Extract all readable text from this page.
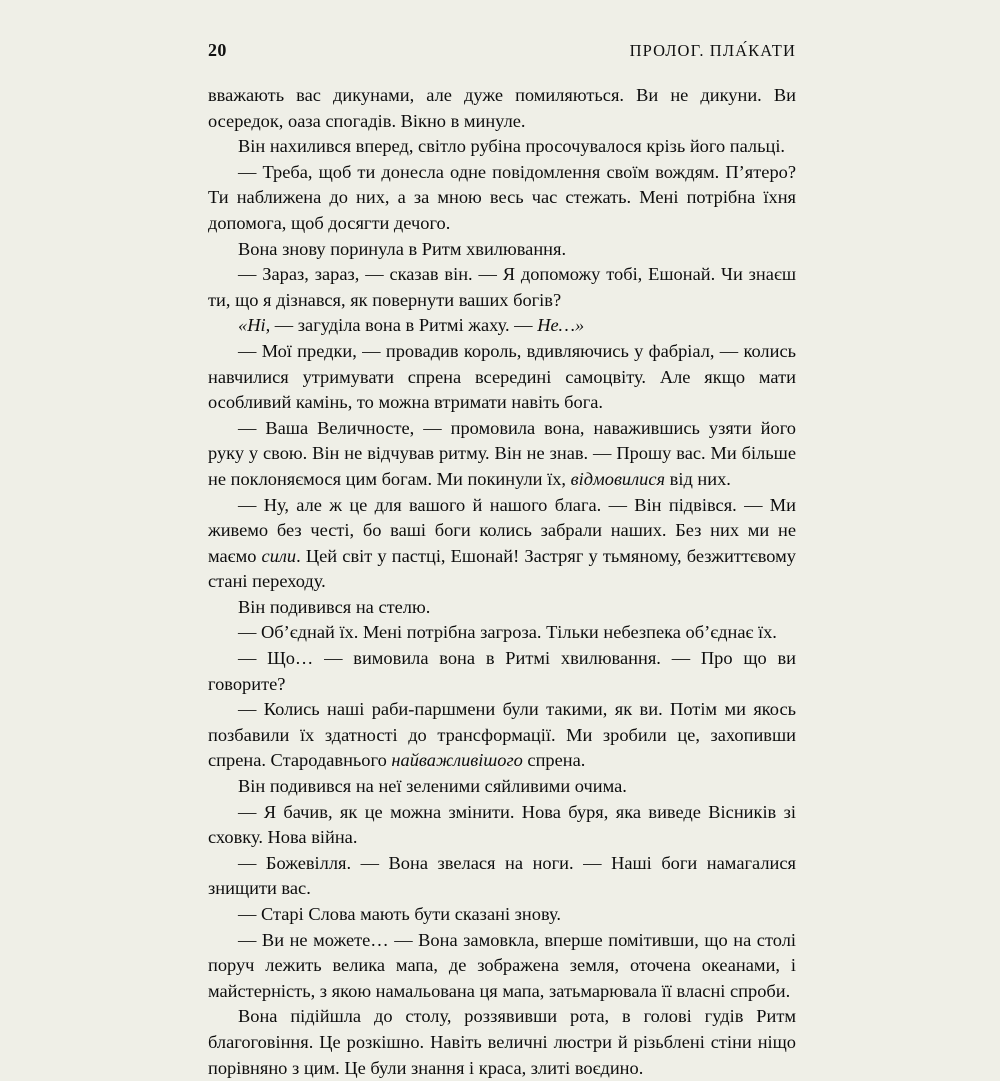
20	ПРОЛОГ. ПЛА́КАТИ

вважають вас дикунами, але дуже помиляються. Ви не дикуни. Ви осередок, оаза спогадів. Вікно в минуле.

Він нахилився вперед, світло рубіна просочувалося крізь його пальці.

— Треба, щоб ти донесла одне повідомлення своїм вождям. П’ятеро? Ти наближена до них, а за мною весь час стежать. Мені потрібна їхня допомога, щоб досягти дечого.

Вона знову поринула в Ритм хвилювання.

— Зараз, зараз, — сказав він. — Я допоможу тобі, Ешонай. Чи знаєш ти, що я дізнався, як повернути ваших богів?

«Ні, — загуділа вона в Ритмі жаху. — Не…»

— Мої предки, — провадив король, вдивляючись у фабріал, — колись навчилися утримувати спрена всередині самоцвіту. Але якщо мати особливий камінь, то можна втримати навіть бога.

— Ваша Величносте, — промовила вона, наважившись узяти його руку у свою. Він не відчував ритму. Він не знав. — Прошу вас. Ми більше не поклоняємося цим богам. Ми покинули їх, відмовилися від них.

— Ну, але ж це для вашого й нашого блага. — Він підвівся. — Ми живемо без честі, бо ваші боги колись забрали наших. Без них ми не маємо сили. Цей світ у пастці, Ешонай! Застряг у тьмяному, безжиттєвому стані переходу.

Він подивився на стелю.

— Об’єднай їх. Мені потрібна загроза. Тільки небезпека об’єднає їх.

— Що… — вимовила вона в Ритмі хвилювання. — Про що ви говорите?

— Колись наші раби-паршмени були такими, як ви. Потім ми якось позбавили їх здатності до трансформації. Ми зробили це, захопивши спрена. Стародавнього найважливішого спрена.

Він подивився на неї зеленими сяйливими очима.

— Я бачив, як це можна змінити. Нова буря, яка виведе Вісників зі сховку. Нова війна.

— Божевілля. — Вона звелася на ноги. — Наші боги намагалися знищити вас.

— Старі Слова мають бути сказані знову.

— Ви не можете… — Вона замовкла, вперше помітивши, що на столі поруч лежить велика мапа, де зображена земля, оточена океанами, і майстерність, з якою намальована ця мапа, затьмарювала її власні спроби.

Вона підійшла до столу, роззявивши рота, в голові гудів Ритм благоговіння. Це розкішно. Навіть величні люстри й різьблені стіни ніщо порівняно з цим. Це були знання і краса, злиті воєдино.
